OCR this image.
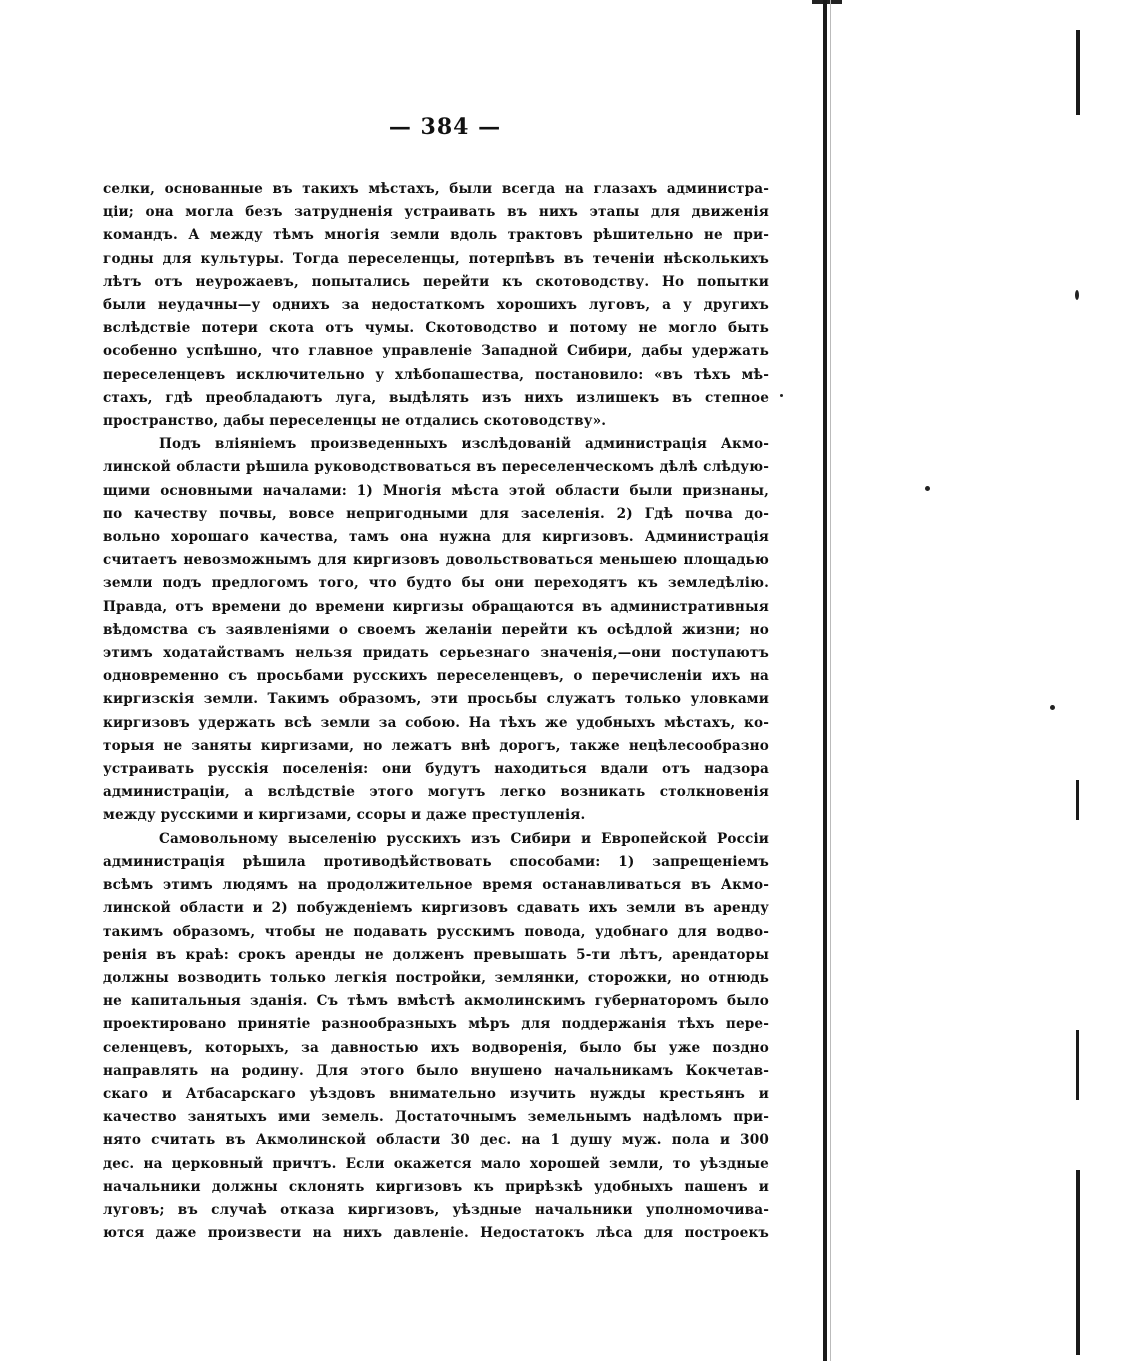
— 384 —
селки, основанные въ такихъ мѣстахъ, были всегда на глазахъ администра-
ціи; она могла безъ затрудненія устраивать въ нихъ этапы для движенія
командъ. А между тѣмъ многія земли вдоль трактовъ рѣшительно не при-
годны для культуры. Тогда переселенцы, потерпѣвъ въ теченіи нѣсколькихъ
лѣтъ отъ неурожаевъ, попытались перейти къ скотоводству. Но попытки
были неудачны—у однихъ за недостаткомъ хорошихъ луговъ, а у другихъ
вслѣдствіе потери скота отъ чумы. Скотоводство и потому не могло быть
особенно успѣшно, что главное управленіе Западной Сибири, дабы удержать
переселенцевъ исключительно у хлѣбопашества, постановило: «въ тѣхъ мѣ-
стахъ, гдѣ преобладаютъ луга, выдѣлять изъ нихъ излишекъ въ степное
пространство, дабы переселенцы не отдались скотоводству».
Подъ вліяніемъ произведенныхъ изслѣдованій администрація Акмо-
линской области рѣшила руководствоваться въ переселенческомъ дѣлѣ слѣдую-
щими основными началами: 1) Многія мѣста этой области были признаны,
по качеству почвы, вовсе непригодными для заселенія. 2) Гдѣ почва до-
вольно хорошаго качества, тамъ она нужна для киргизовъ. Администрація
считаетъ невозможнымъ для киргизовъ довольствоваться меньшею площадью
земли подъ предлогомъ того, что будто бы они переходятъ къ земледѣлію.
Правда, отъ времени до времени киргизы обращаются въ административныя
вѣдомства съ заявленіями о своемъ желаніи перейти къ осѣдлой жизни; но
этимъ ходатайствамъ нельзя придать серьезнаго значенія,—они поступаютъ
одновременно съ просьбами русскихъ переселенцевъ, о перечисленіи ихъ на
киргизскія земли. Такимъ образомъ, эти просьбы служатъ только уловками
киргизовъ удержать всѣ земли за собою. На тѣхъ же удобныхъ мѣстахъ, ко-
торыя не заняты киргизами, но лежатъ внѣ дорогъ, также нецѣлесообразно
устраивать русскія поселенія: они будутъ находиться вдали отъ надзора
администраціи, а вслѣдствіе этого могутъ легко возникать столкновенія
между русскими и киргизами, ссоры и даже преступленія.
Самовольному выселенію русскихъ изъ Сибири и Европейской Россіи
администрація рѣшила противодѣйствовать способами: 1) запрещеніемъ
всѣмъ этимъ людямъ на продолжительное время останавливаться въ Акмо-
линской области и 2) побужденіемъ киргизовъ сдавать ихъ земли въ аренду
такимъ образомъ, чтобы не подавать русскимъ повода, удобнаго для водво-
ренія въ краѣ: срокъ аренды не долженъ превышать 5-ти лѣтъ, арендаторы
должны возводить только легкія постройки, землянки, сторожки, но отнюдь
не капитальныя зданія. Съ тѣмъ вмѣстѣ акмолинскимъ губернаторомъ было
проектировано принятіе разнообразныхъ мѣръ для поддержанія тѣхъ пере-
селенцевъ, которыхъ, за давностью ихъ водворенія, было бы уже поздно
направлять на родину. Для этого было внушено начальникамъ Кокчетав-
скаго и Атбасарскаго уѣздовъ внимательно изучить нужды крестьянъ и
качество занятыхъ ими земель. Достаточнымъ земельнымъ надѣломъ при-
нято считать въ Акмолинской области 30 дес. на 1 душу муж. пола и 300
дес. на церковный причтъ. Если окажется мало хорошей земли, то уѣздные
начальники должны склонять киргизовъ къ прирѣзкѣ удобныхъ пашенъ и
луговъ; въ случаѣ отказа киргизовъ, уѣздные начальники уполномочива-
ются даже произвести на нихъ давленіе. Недостатокъ лѣса для построекъ
